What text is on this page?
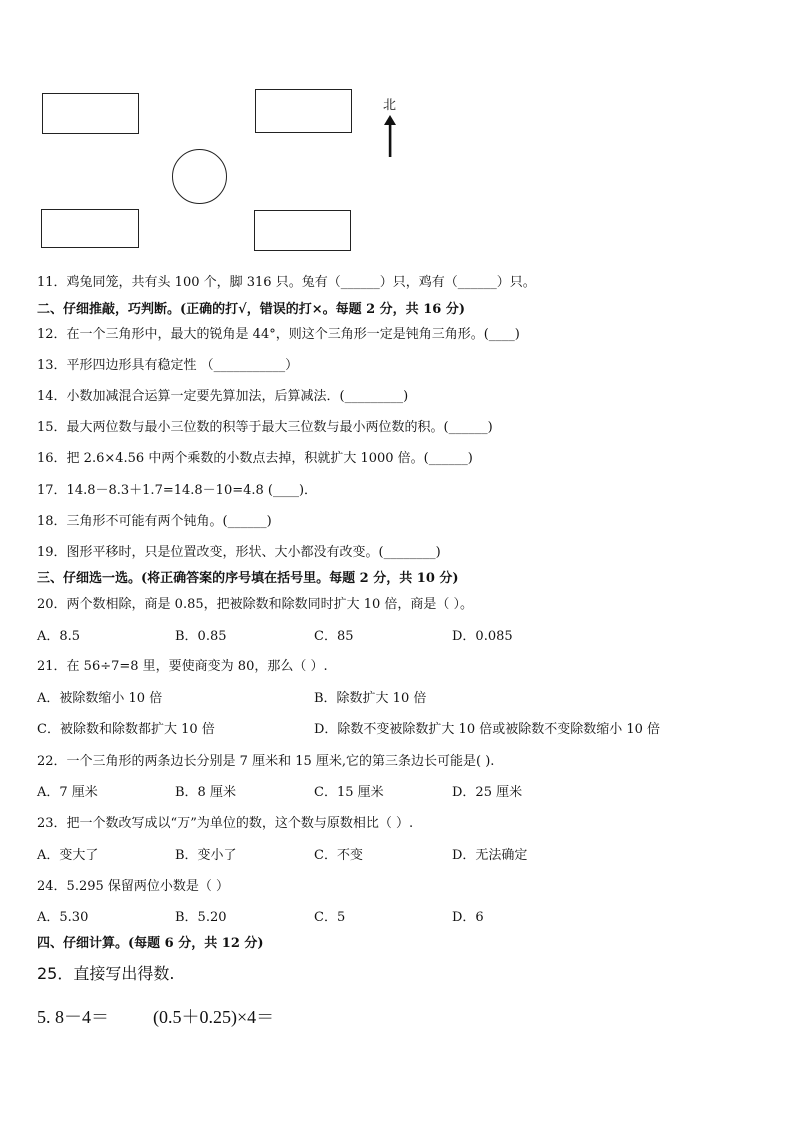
北
11．鸡兔同笼，共有头 100 个，脚 316 只。兔有（______）只，鸡有（______）只。
二、仔细推敲，巧判断。(正确的打√，错误的打×。每题 2 分，共 16 分)
12．在一个三角形中，最大的锐角是 44°，则这个三角形一定是钝角三角形。(____)
13．平形四边形具有稳定性 （___________）
14．小数加减混合运算一定要先算加法，后算减法．(_________)
15．最大两位数与最小三位数的积等于最大三位数与最小两位数的积。(______)
16．把 2.6×4.56 中两个乘数的小数点去掉，积就扩大 1000 倍。(______)
17．14.8－8.3＋1.7=14.8－10=4.8 (____)．
18．三角形不可能有两个钝角。(______)
19．图形平移时，只是位置改变，形状、大小都没有改变。(________)
三、仔细选一选。(将正确答案的序号填在括号里。每题 2 分，共 10 分)
20．两个数相除，商是 0.85，把被除数和除数同时扩大 10 倍，商是（ ）。
A．8.5	B．0.85	C．85	D．0.085
21．在 56÷7=8 里，要使商变为 80，那么（ ）.
A．被除数缩小 10 倍	B．除数扩大 10 倍
C．被除数和除数都扩大 10 倍	D．除数不变被除数扩大 10 倍或被除数不变除数缩小 10 倍
22．一个三角形的两条边长分别是 7 厘米和 15 厘米,它的第三条边长可能是( ).
A．7 厘米	B．8 厘米	C．15 厘米	D．25 厘米
23．把一个数改写成以“万”为单位的数，这个数与原数相比（ ）.
A．变大了	B．变小了	C．不变	D．无法确定
24．5.295 保留两位小数是（ ）
A．5.30	B．5.20	C．5	D．6
四、仔细计算。(每题 6 分，共 12 分)
25．直接写出得数.
5. 8－4＝ (0.5＋0.25)×4＝
